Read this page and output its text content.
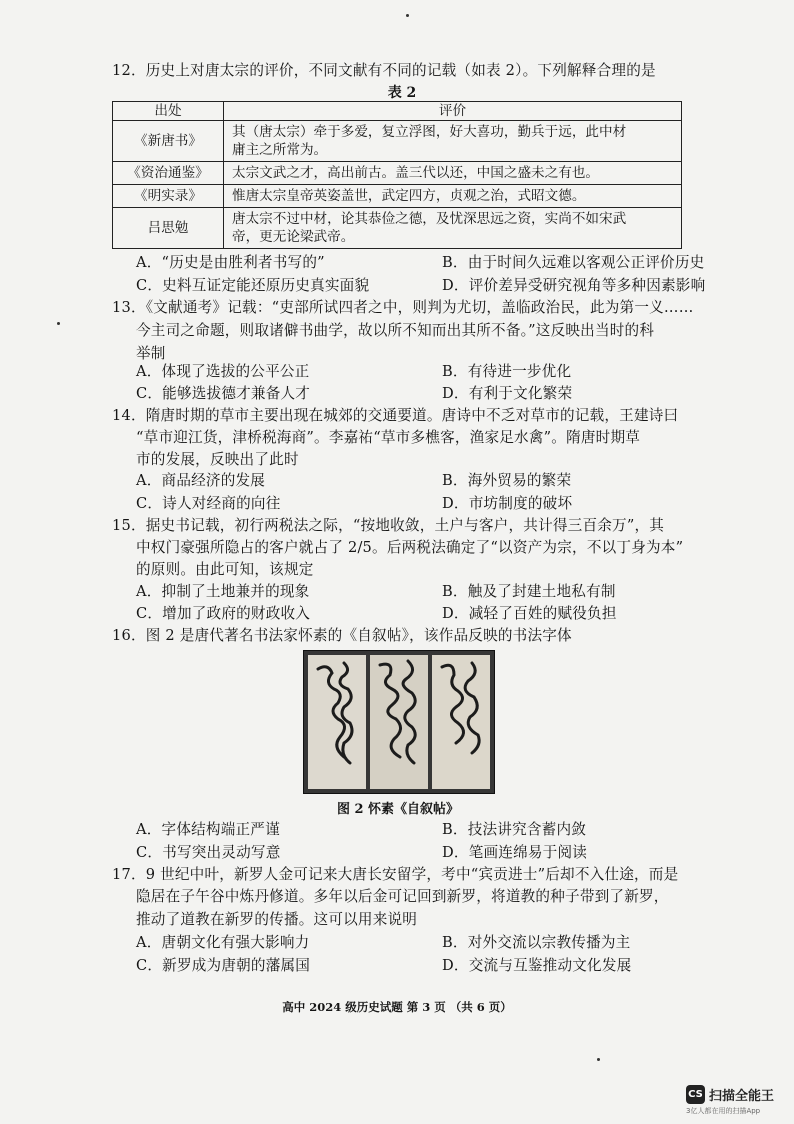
12．历史上对唐太宗的评价，不同文献有不同的记载（如表 2）。下列解释合理的是
表 2
出处	评价
《新唐书》	其（唐太宗）牵于多爱，复立浮图，好大喜功，勤兵于远，此中材
庸主之所常为。
《资治通鉴》	太宗文武之才，高出前古。盖三代以还，中国之盛未之有也。
《明实录》	惟唐太宗皇帝英姿盖世，武定四方，贞观之治，式昭文德。
吕思勉	唐太宗不过中材，论其恭俭之德，及忧深思远之资，实尚不如宋武
帝，更无论梁武帝。
A．“历史是由胜利者书写的”	B．由于时间久远难以客观公正评价历史
C．史料互证定能还原历史真实面貌	D．评价差异受研究视角等多种因素影响
13．《文献通考》记载：“吏部所试四者之中，则判为尤切，盖临政治民，此为第一义……
今主司之命题，则取诸僻书曲学，故以所不知而出其所不备。”这反映出当时的科
举制
A．体现了选拔的公平公正	B．有待进一步优化
C．能够选拔德才兼备人才	D．有利于文化繁荣
14．隋唐时期的草市主要出现在城郊的交通要道。唐诗中不乏对草市的记载，王建诗曰
“草市迎江货，津桥税海商”。李嘉祐“草市多樵客，渔家足水禽”。隋唐时期草
市的发展，反映出了此时
A．商品经济的发展	B．海外贸易的繁荣
C．诗人对经商的向往	D．市坊制度的破坏
15．据史书记载，初行两税法之际，“按地收敛，土户与客户，共计得三百余万”，其
中权门豪强所隐占的客户就占了 2/5。后两税法确定了“以资产为宗，不以丁身为本”
的原则。由此可知，该规定
A．抑制了土地兼并的现象	B．触及了封建土地私有制
C．增加了政府的财政收入	D．减轻了百姓的赋役负担
16．图 2 是唐代著名书法家怀素的《自叙帖》，该作品反映的书法字体
图 2 怀素《自叙帖》
A．字体结构端正严谨	B．技法讲究含蓄内敛
C．书写突出灵动写意	D．笔画连绵易于阅读
17．9 世纪中叶，新罗人金可记来大唐长安留学，考中“宾贡进士”后却不入仕途，而是
隐居在子午谷中炼丹修道。多年以后金可记回到新罗，将道教的种子带到了新罗，
推动了道教在新罗的传播。这可以用来说明
A．唐朝文化有强大影响力	B．对外交流以宗教传播为主
C．新罗成为唐朝的藩属国	D．交流与互鉴推动文化发展
高中 2024 级历史试题 第 3 页 （共 6 页）
CS 扫描全能王
3亿人都在用的扫描App
